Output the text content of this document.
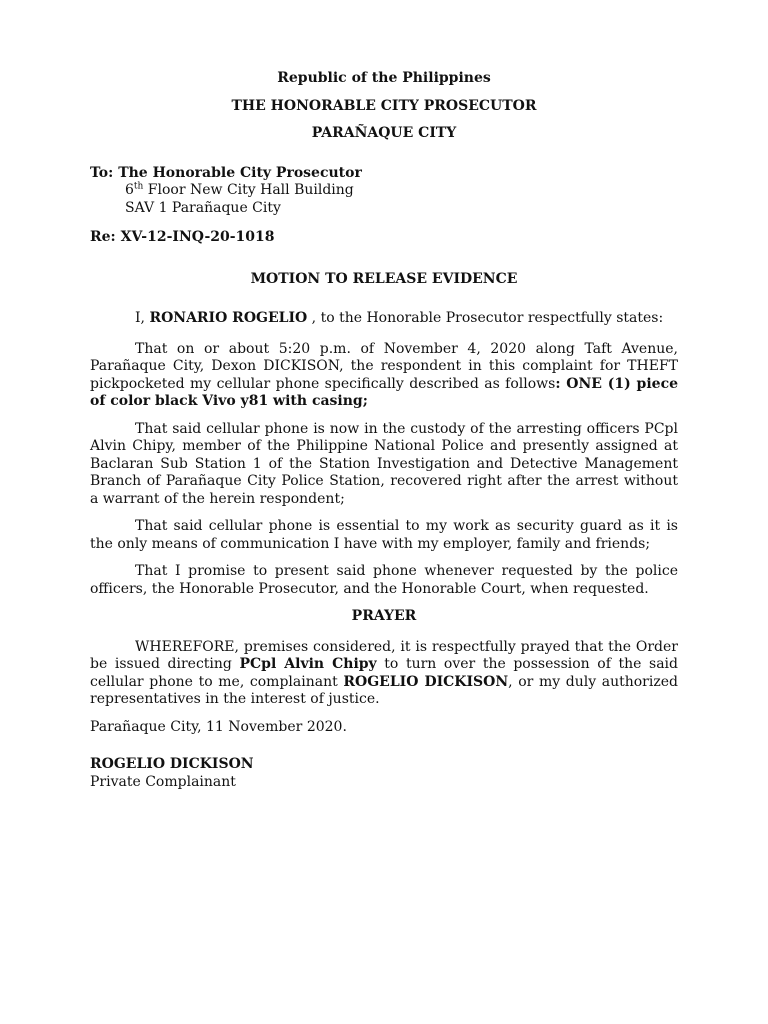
Republic of the Philippines
THE HONORABLE CITY PROSECUTOR
PARAÑAQUE CITY
To: The Honorable City Prosecutor
6th Floor New City Hall Building
SAV 1 Parañaque City
Re: XV-12-INQ-20-1018
MOTION TO RELEASE EVIDENCE

I, RONARIO ROGELIO , to the Honorable Prosecutor respectfully states:

That on or about 5:20 p.m. of November 4, 2020 along Taft Avenue, Parañaque City, Dexon DICKISON, the respondent in this complaint for THEFT pickpocketed my cellular phone specifically described as follows: ONE (1) piece of color black Vivo y81 with casing;

That said cellular phone is now in the custody of the arresting officers PCpl Alvin Chipy, member of the Philippine National Police and presently assigned at Baclaran Sub Station 1 of the Station Investigation and Detective Management Branch of Parañaque City Police Station, recovered right after the arrest without a warrant of the herein respondent;

That said cellular phone is essential to my work as security guard as it is the only means of communication I have with my employer, family and friends;

That I promise to present said phone whenever requested by the police officers, the Honorable Prosecutor, and the Honorable Court, when requested.

PRAYER

WHEREFORE, premises considered, it is respectfully prayed that the Order be issued directing PCpl Alvin Chipy to turn over the possession of the said cellular phone to me, complainant ROGELIO DICKISON, or my duly authorized representatives in the interest of justice.

Parañaque City, 11 November 2020.
ROGELIO DICKISON
Private Complainant
